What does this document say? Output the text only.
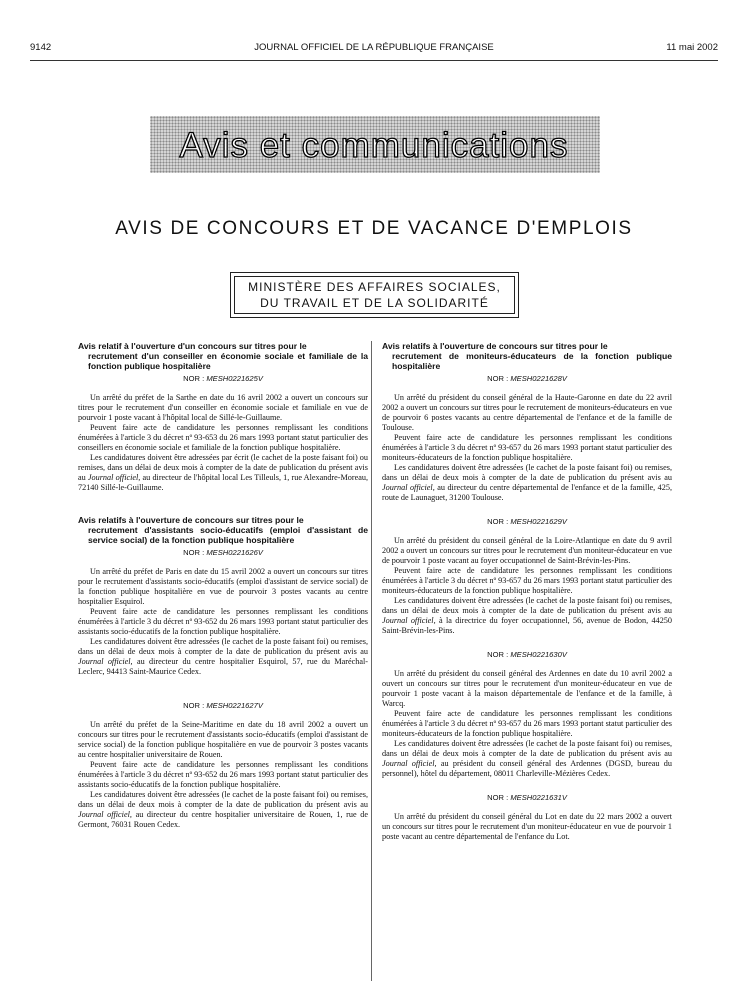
9142	JOURNAL OFFICIEL DE LA RÉPUBLIQUE FRANÇAISE	11 mai 2002
Avis et communications
AVIS DE CONCOURS ET DE VACANCE D'EMPLOIS
MINISTÈRE DES AFFAIRES SOCIALES,
DU TRAVAIL ET DE LA SOLIDARITÉ
Avis relatif à l'ouverture d'un concours sur titres pour le
recrutement d'un conseiller en économie sociale et familiale de la fonction publique hospitalière
NOR : MESH0221625V

Un arrêté du préfet de la Sarthe en date du 16 avril 2002 a ouvert un concours sur titres pour le recrutement d'un conseiller en économie sociale et familiale en vue de pourvoir 1 poste vacant à l'hôpital local de Sillé-le-Guillaume.

Peuvent faire acte de candidature les personnes remplissant les conditions énumérées à l'article 3 du décret nº 93-653 du 26 mars 1993 portant statut particulier des conseillers en économie sociale et familiale de la fonction publique hospitalière.

Les candidatures doivent être adressées par écrit (le cachet de la poste faisant foi) ou remises, dans un délai de deux mois à compter de la date de publication du présent avis au Journal officiel, au directeur de l'hôpital local Les Tilleuls, 1, rue Alexandre-Moreau, 72140 Sillé-le-Guillaume.

Avis relatifs à l'ouverture de concours sur titres pour le
recrutement d'assistants socio-éducatifs (emploi d'assistant de service social) de la fonction publique hospitalière
NOR : MESH0221626V

Un arrêté du préfet de Paris en date du 15 avril 2002 a ouvert un concours sur titres pour le recrutement d'assistants socio-éducatifs (emploi d'assistant de service social) de la fonction publique hospitalière en vue de pourvoir 3 postes vacants au centre hospitalier Esquirol.

Peuvent faire acte de candidature les personnes remplissant les conditions énumérées à l'article 3 du décret nº 93-652 du 26 mars 1993 portant statut particulier des assistants socio-éducatifs de la fonction publique hospitalière.

Les candidatures doivent être adressées (le cachet de la poste faisant foi) ou remises, dans un délai de deux mois à compter de la date de publication du présent avis au Journal officiel, au directeur du centre hospitalier Esquirol, 57, rue du Maréchal-Leclerc, 94413 Saint-Maurice Cedex.

NOR : MESH0221627V

Un arrêté du préfet de la Seine-Maritime en date du 18 avril 2002 a ouvert un concours sur titres pour le recrutement d'assistants socio-éducatifs (emploi d'assistant de service social) de la fonction publique hospitalière en vue de pourvoir 3 postes vacants au centre hospitalier universitaire de Rouen.

Peuvent faire acte de candidature les personnes remplissant les conditions énumérées à l'article 3 du décret nº 93-652 du 26 mars 1993 portant statut particulier des assistants socio-éducatifs de la fonction publique hospitalière.

Les candidatures doivent être adressées (le cachet de la poste faisant foi) ou remises, dans un délai de deux mois à compter de la date de publication du présent avis au Journal officiel, au directeur du centre hospitalier universitaire de Rouen, 1, rue de Germont, 76031 Rouen Cedex.

Avis relatifs à l'ouverture de concours sur titres pour le
recrutement de moniteurs-éducateurs de la fonction publique hospitalière
NOR : MESH0221628V

Un arrêté du président du conseil général de la Haute-Garonne en date du 22 avril 2002 a ouvert un concours sur titres pour le recrutement de moniteurs-éducateurs en vue de pourvoir 6 postes vacants au centre départemental de l'enfance et de la famille de Toulouse.

Peuvent faire acte de candidature les personnes remplissant les conditions énumérées à l'article 3 du décret nº 93-657 du 26 mars 1993 portant statut particulier des moniteurs-éducateurs de la fonction publique hospitalière.

Les candidatures doivent être adressées (le cachet de la poste faisant foi) ou remises, dans un délai de deux mois à compter de la date de publication du présent avis au Journal officiel, au directeur du centre départemental de l'enfance et de la famille, 425, route de Launaguet, 31200 Toulouse.

NOR : MESH0221629V

Un arrêté du président du conseil général de la Loire-Atlantique en date du 9 avril 2002 a ouvert un concours sur titres pour le recrutement d'un moniteur-éducateur en vue de pourvoir 1 poste vacant au foyer occupationnel de Saint-Brévin-les-Pins.

Peuvent faire acte de candidature les personnes remplissant les conditions énumérées à l'article 3 du décret nº 93-657 du 26 mars 1993 portant statut particulier des moniteurs-éducateurs de la fonction publique hospitalière.

Les candidatures doivent être adressées (le cachet de la poste faisant foi) ou remises, dans un délai de deux mois à compter de la date de publication du présent avis au Journal officiel, à la directrice du foyer occupationnel, 56, avenue de Bodon, 44250 Saint-Brévin-les-Pins.

NOR : MESH0221630V

Un arrêté du président du conseil général des Ardennes en date du 10 avril 2002 a ouvert un concours sur titres pour le recrutement d'un moniteur-éducateur en vue de pourvoir 1 poste vacant à la maison départementale de l'enfance et de la famille, à Warcq.

Peuvent faire acte de candidature les personnes remplissant les conditions énumérées à l'article 3 du décret nº 93-657 du 26 mars 1993 portant statut particulier des moniteurs-éducateurs de la fonction publique hospitalière.

Les candidatures doivent être adressées (le cachet de la poste faisant foi) ou remises, dans un délai de deux mois à compter de la date de publication du présent avis au Journal officiel, au président du conseil général des Ardennes (DGSD, bureau du personnel), hôtel du département, 08011 Charleville-Mézières Cedex.

NOR : MESH0221631V

Un arrêté du président du conseil général du Lot en date du 22 mars 2002 a ouvert un concours sur titres pour le recrutement d'un moniteur-éducateur en vue de pourvoir 1 poste vacant au centre départemental de l'enfance du Lot.
